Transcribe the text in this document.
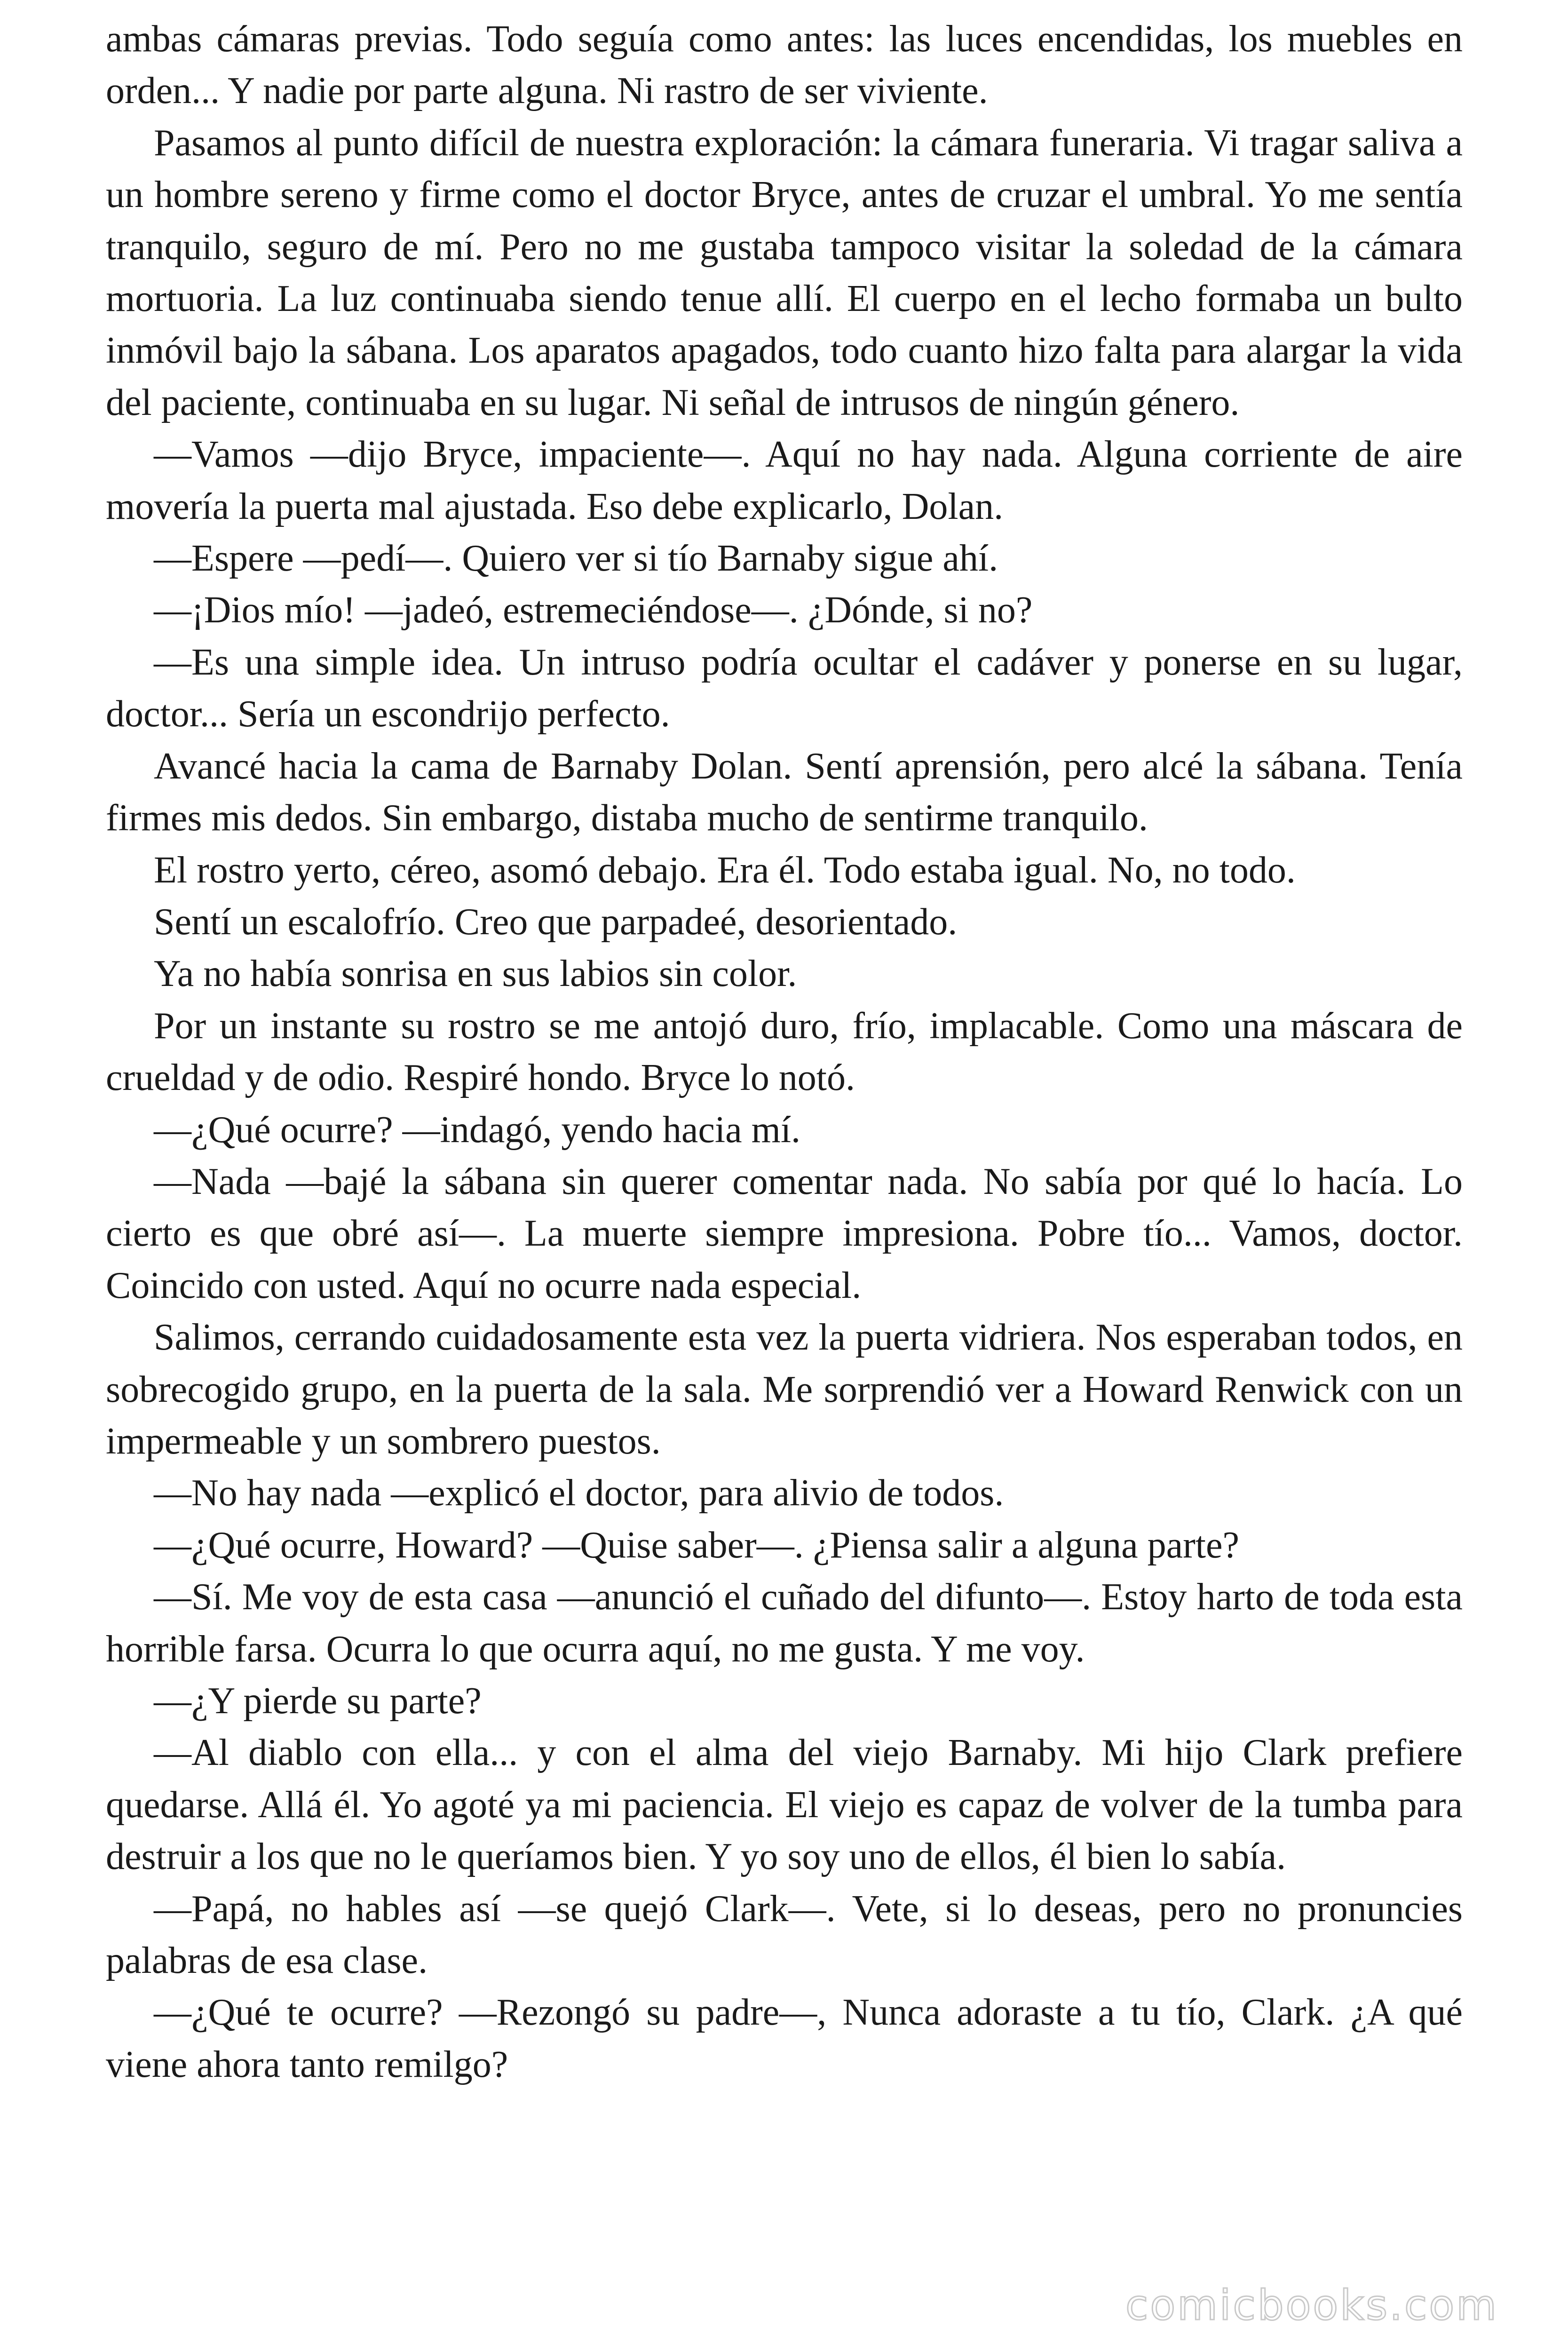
ambas cámaras previas. Todo seguía como antes: las luces encendidas, los muebles en orden... Y nadie por parte alguna. Ni rastro de ser viviente.

Pasamos al punto difícil de nuestra exploración: la cámara funeraria. Vi tragar saliva a un hombre sereno y firme como el doctor Bryce, antes de cruzar el umbral. Yo me sentía tranquilo, seguro de mí. Pero no me gustaba tampoco visitar la soledad de la cámara mortuoria. La luz continuaba siendo tenue allí. El cuerpo en el lecho formaba un bulto inmóvil bajo la sábana. Los aparatos apagados, todo cuanto hizo falta para alargar la vida del paciente, continuaba en su lugar. Ni señal de intrusos de ningún género.

—Vamos —dijo Bryce, impaciente—. Aquí no hay nada. Alguna corriente de aire movería la puerta mal ajustada. Eso debe explicarlo, Dolan.

—Espere —pedí—. Quiero ver si tío Barnaby sigue ahí.

—¡Dios mío! —jadeó, estremeciéndose—. ¿Dónde, si no?

—Es una simple idea. Un intruso podría ocultar el cadáver y ponerse en su lugar, doctor... Sería un escondrijo perfecto.

Avancé hacia la cama de Barnaby Dolan. Sentí aprensión, pero alcé la sábana. Tenía firmes mis dedos. Sin embargo, distaba mucho de sentirme tranquilo.

El rostro yerto, céreo, asomó debajo. Era él. Todo estaba igual. No, no todo.

Sentí un escalofrío. Creo que parpadeé, desorientado.

Ya no había sonrisa en sus labios sin color.

Por un instante su rostro se me antojó duro, frío, implacable. Como una máscara de crueldad y de odio. Respiré hondo. Bryce lo notó.

—¿Qué ocurre? —indagó, yendo hacia mí.

—Nada —bajé la sábana sin querer comentar nada. No sabía por qué lo hacía. Lo cierto es que obré así—. La muerte siempre impresiona. Pobre tío... Vamos, doctor. Coincido con usted. Aquí no ocurre nada especial.

Salimos, cerrando cuidadosamente esta vez la puerta vidriera. Nos esperaban todos, en sobrecogido grupo, en la puerta de la sala. Me sorprendió ver a Howard Renwick con un impermeable y un sombrero puestos.

—No hay nada —explicó el doctor, para alivio de todos.

—¿Qué ocurre, Howard? —Quise saber—. ¿Piensa salir a alguna parte?

—Sí. Me voy de esta casa —anunció el cuñado del difunto—. Estoy harto de toda esta horrible farsa. Ocurra lo que ocurra aquí, no me gusta. Y me voy.

—¿Y pierde su parte?

—Al diablo con ella... y con el alma del viejo Barnaby. Mi hijo Clark prefiere quedarse. Allá él. Yo agoté ya mi paciencia. El viejo es capaz de volver de la tumba para destruir a los que no le queríamos bien. Y yo soy uno de ellos, él bien lo sabía.

—Papá, no hables así —se quejó Clark—. Vete, si lo deseas, pero no pronuncies palabras de esa clase.

—¿Qué te ocurre? —Rezongó su padre—, Nunca adoraste a tu tío, Clark. ¿A qué viene ahora tanto remilgo?

comicbooks.com
